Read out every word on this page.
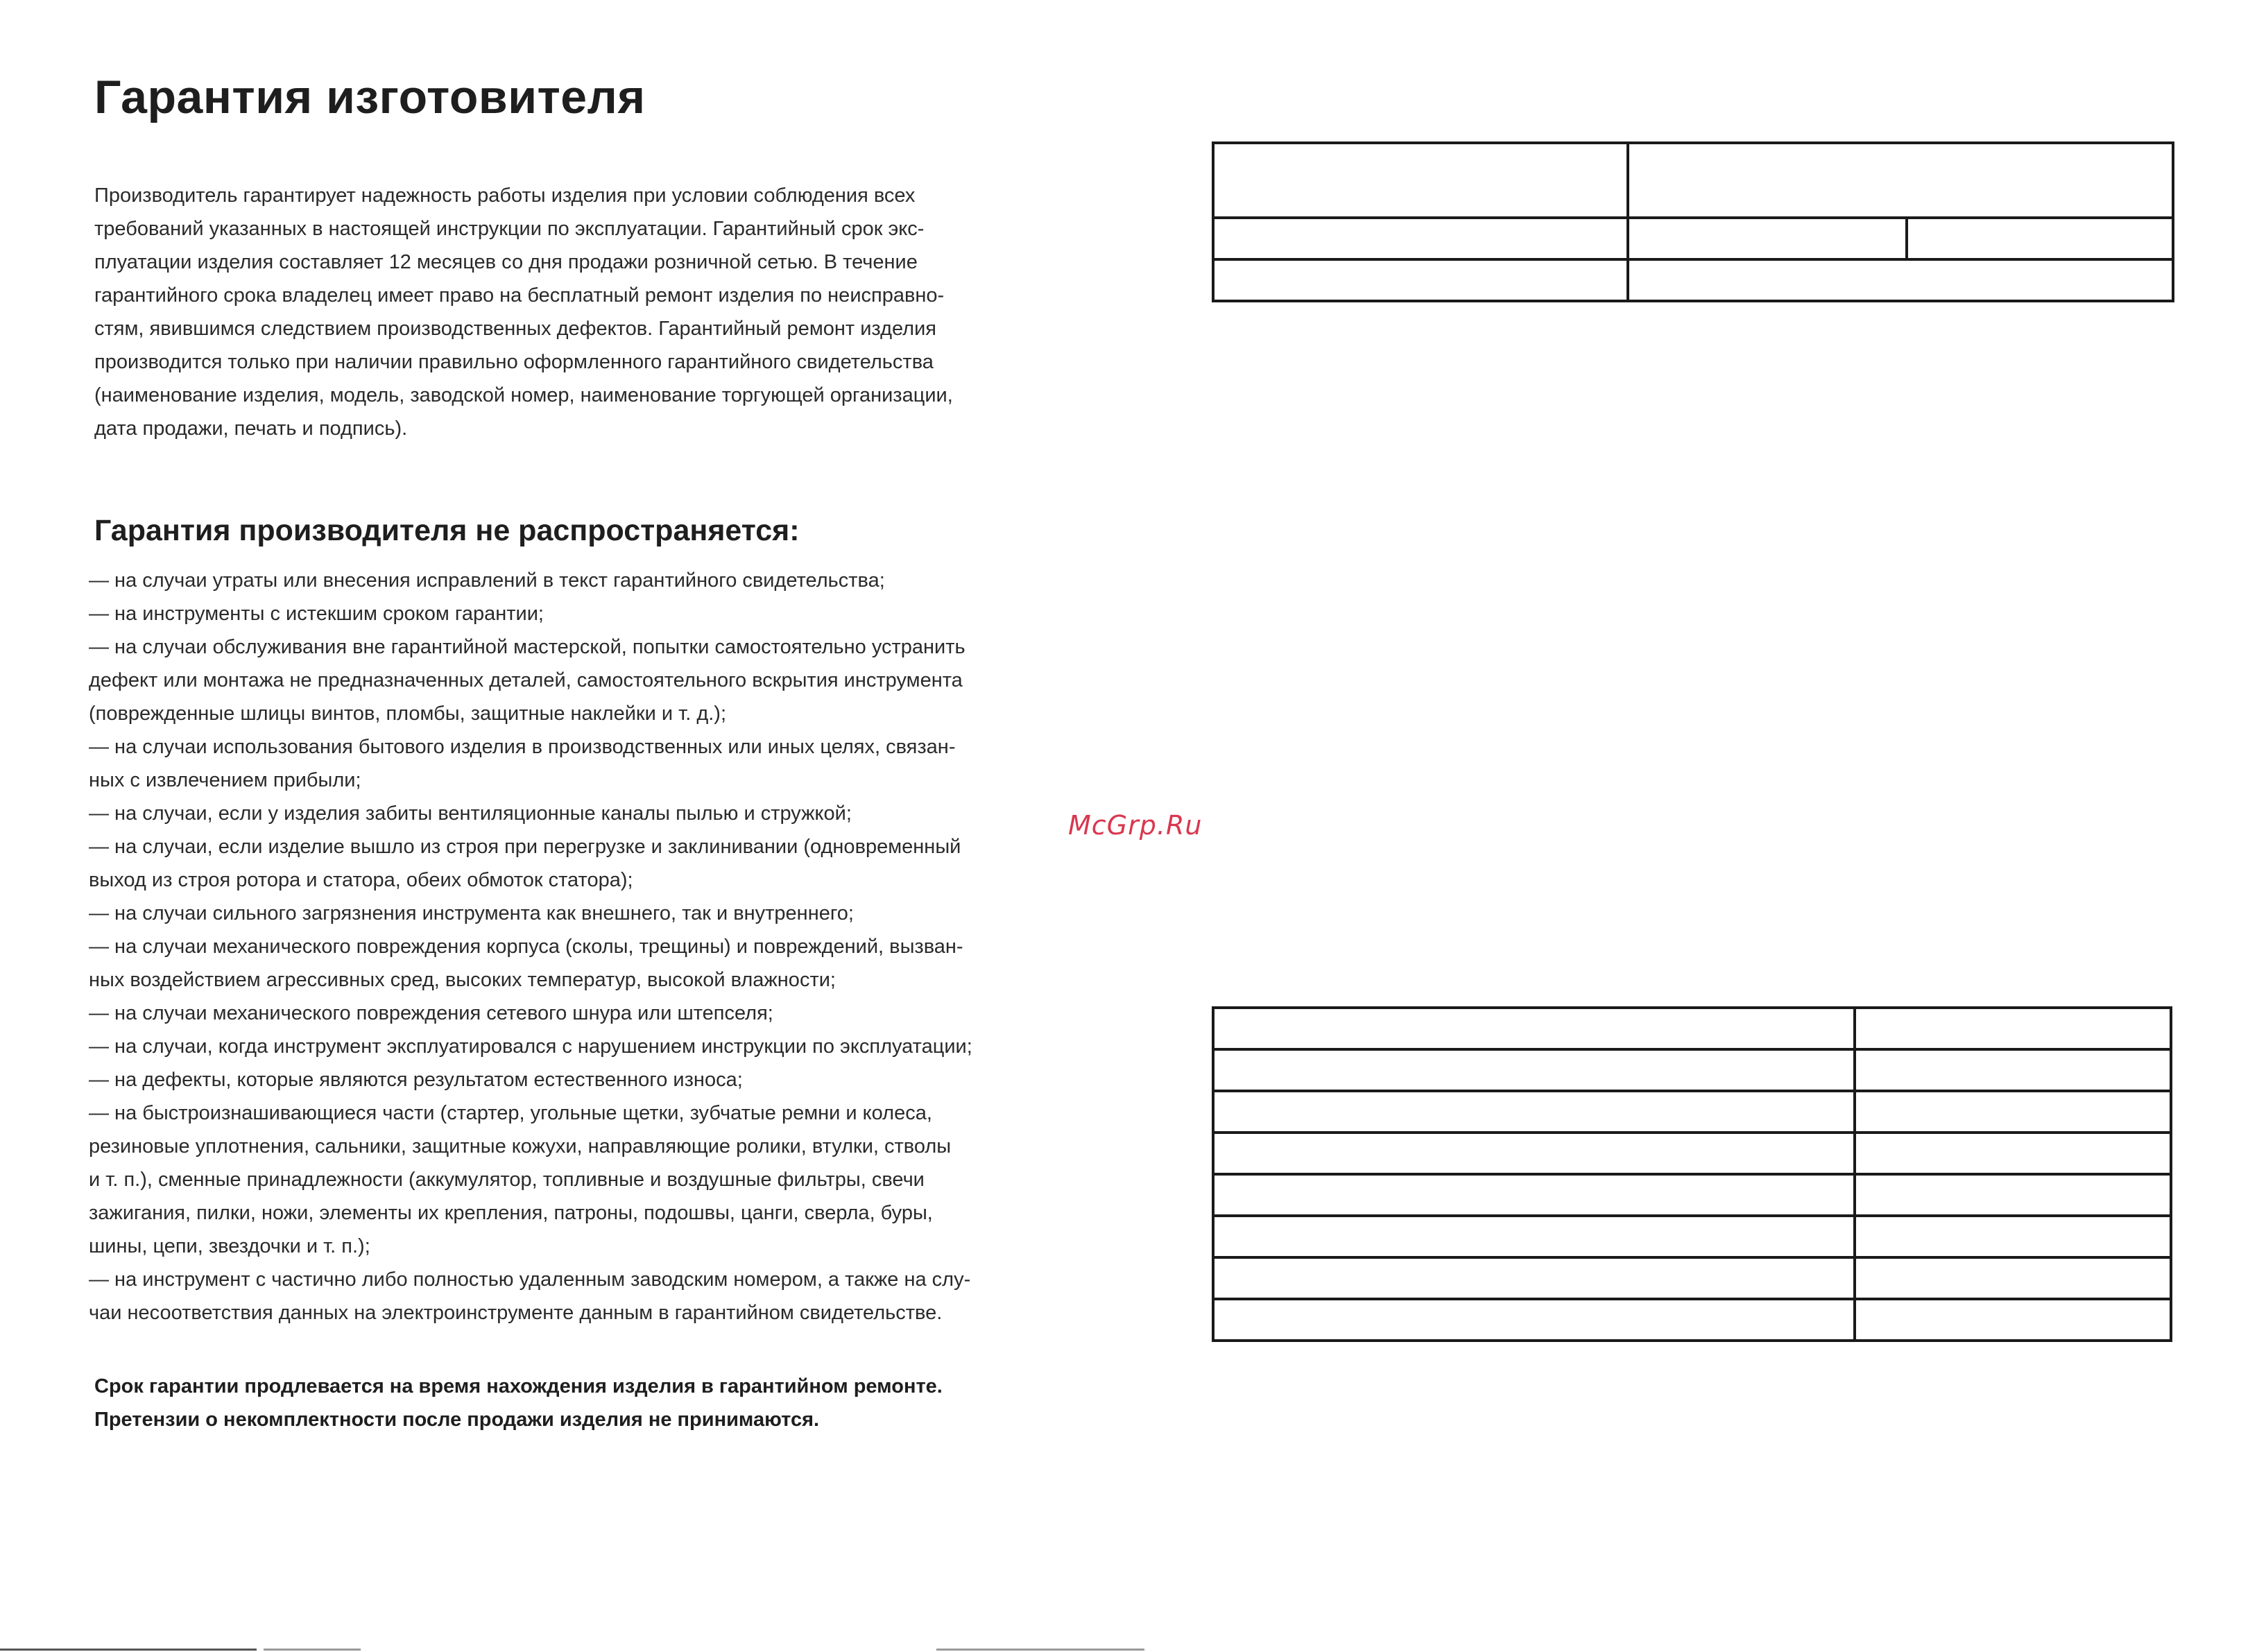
Гарантия изготовителя
Производитель гарантирует надежность работы изделия при условии соблюдения всех
требований указанных в настоящей инструкции по эксплуатации. Гарантийный срок экс-
плуатации изделия составляет 12 месяцев со дня продажи розничной сетью. В течение
гарантийного срока владелец имеет право на бесплатный ремонт изделия по неисправно-
стям, явившимся следствием производственных дефектов. Гарантийный ремонт изделия
производится только при наличии правильно оформленного гарантийного свидетельства
(наименование изделия, модель, заводской номер, наименование торгующей организации,
дата продажи, печать и подпись).
Гарантия производителя не распространяется:
— на случаи утраты или внесения исправлений в текст гарантийного свидетельства;
— на инструменты с истекшим сроком гарантии;
— на случаи обслуживания вне гарантийной мастерской, попытки самостоятельно устранить
дефект или монтажа не предназначенных деталей, самостоятельного вскрытия инструмента
(поврежденные шлицы винтов, пломбы, защитные наклейки и т. д.);
— на случаи использования бытового изделия в производственных или иных целях, связан-
ных с извлечением прибыли;
— на случаи, если у изделия забиты вентиляционные каналы пылью и стружкой;
— на случаи, если изделие вышло из строя при перегрузке и заклинивании (одновременный
выход из строя ротора и статора, обеих обмоток статора);
— на случаи сильного загрязнения инструмента как внешнего, так и внутреннего;
— на случаи механического повреждения корпуса (сколы, трещины) и повреждений, вызван-
ных воздействием агрессивных сред, высоких температур, высокой влажности;
— на случаи механического повреждения сетевого шнура или штепселя;
— на случаи, когда инструмент эксплуатировался с нарушением инструкции по эксплуатации;
— на дефекты, которые являются результатом естественного износа;
— на быстроизнашивающиеся части (стартер, угольные щетки, зубчатые ремни и колеса,
резиновые уплотнения, сальники, защитные кожухи, направляющие ролики, втулки, стволы
и т. п.), сменные принадлежности (аккумулятор, топливные и воздушные фильтры, свечи
зажигания, пилки, ножи, элементы их крепления, патроны, подошвы, цанги, сверла, буры,
шины, цепи, звездочки и т. п.);
— на инструмент с частично либо полностью удаленным заводским номером, а также на слу-
чаи несоответствия данных на электроинструменте данным в гарантийном свидетельстве.

Срок гарантии продлевается на время нахождения изделия в гарантийном ремонте.

Претензии о некомплектности после продажи изделия не принимаются.

McGrp.Ru
